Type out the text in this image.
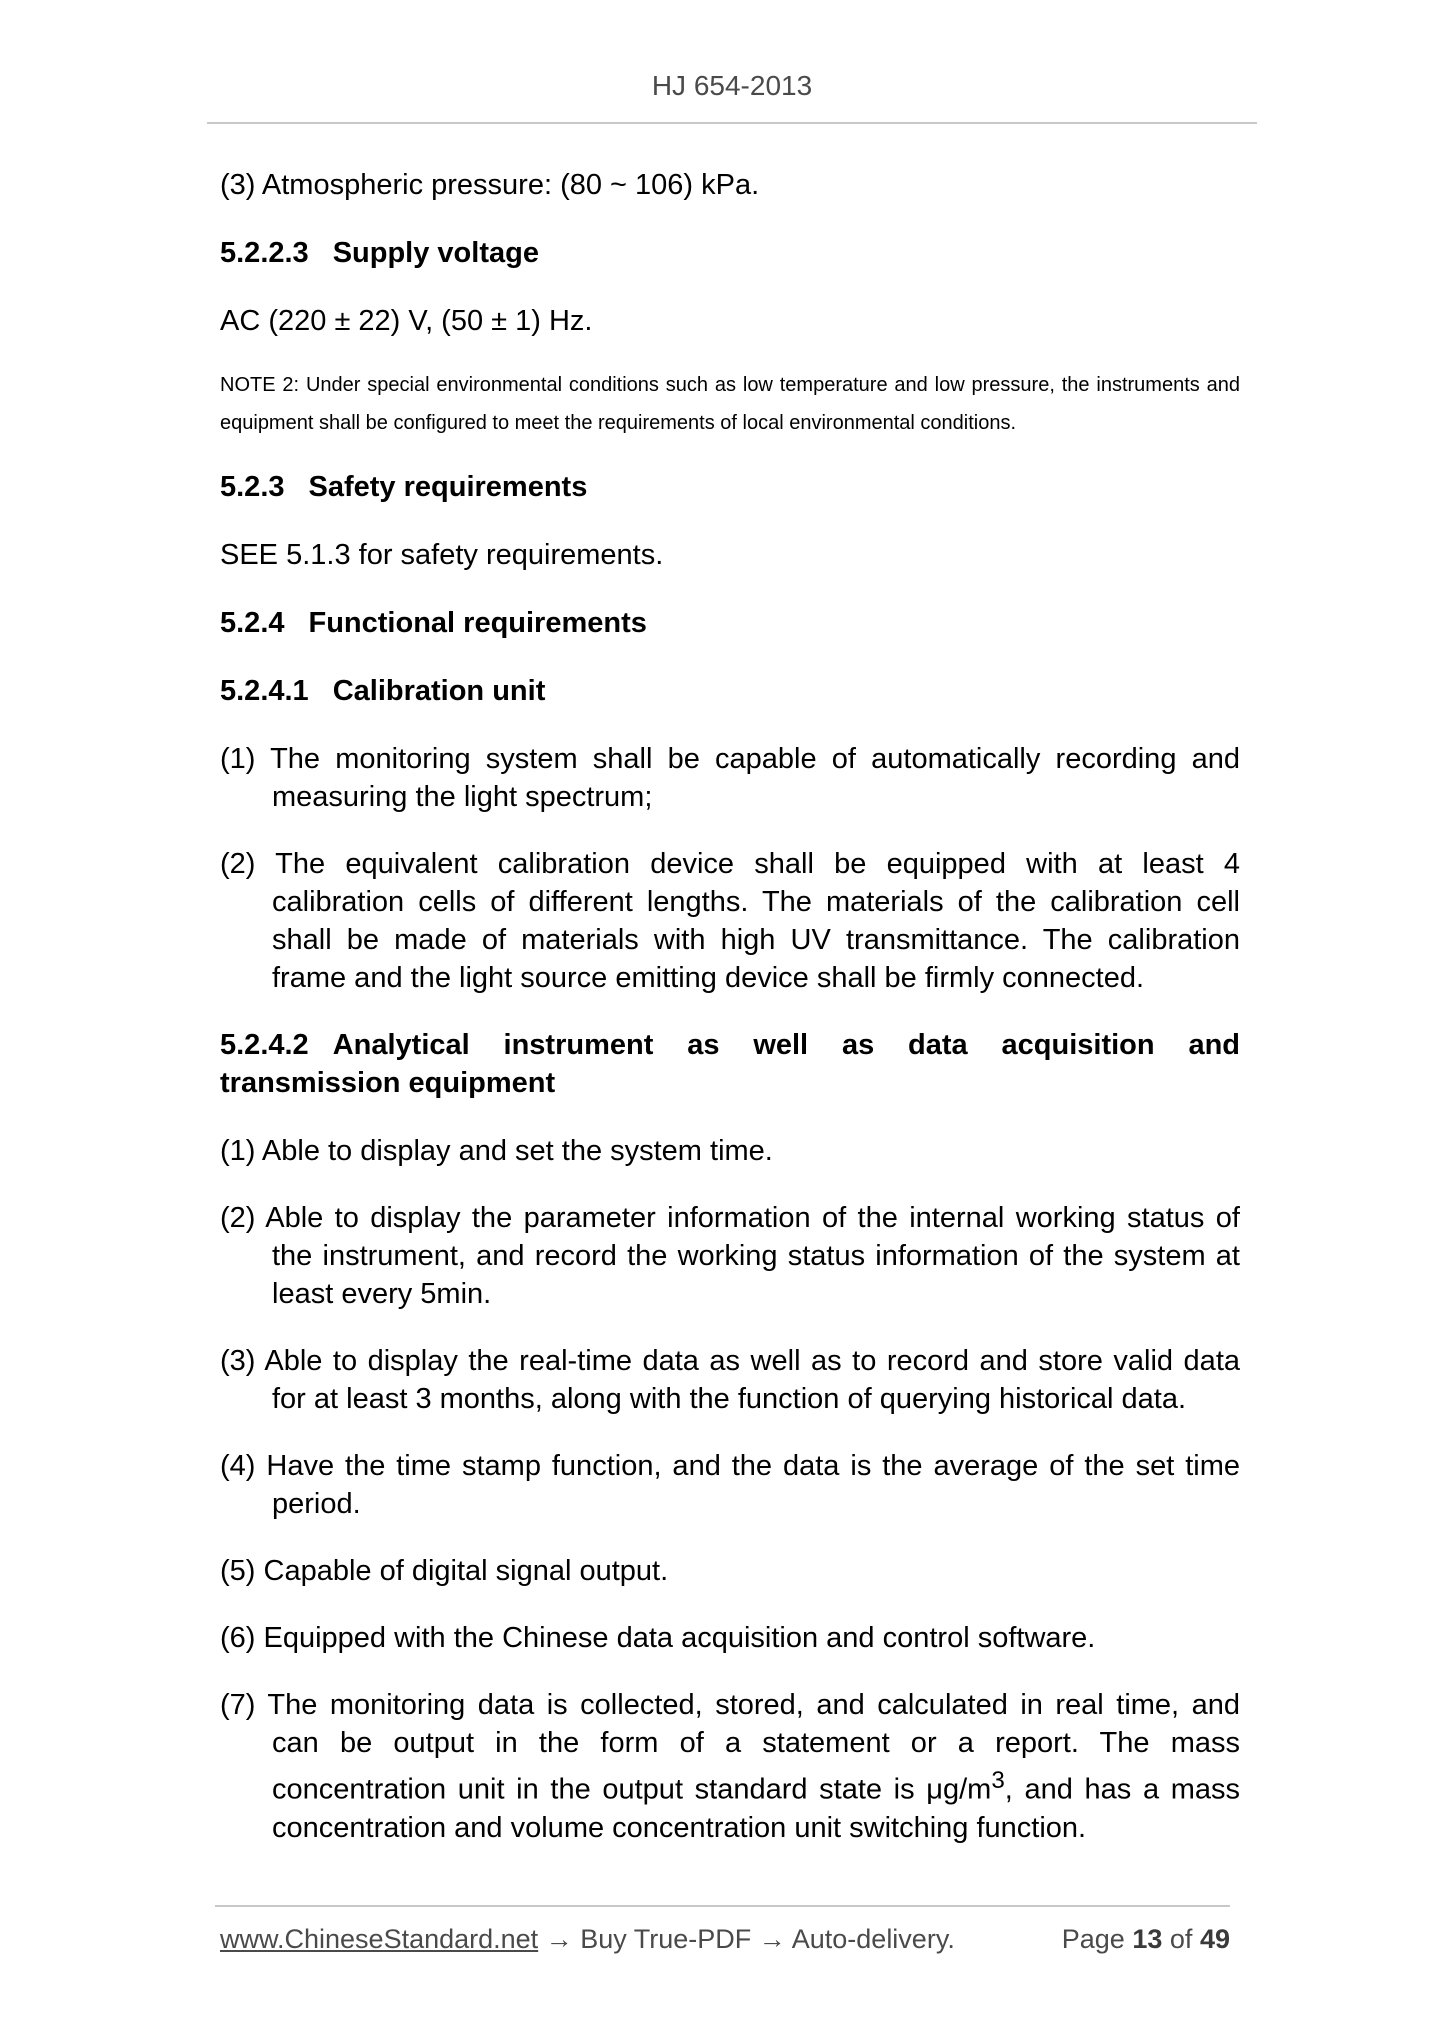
HJ 654-2013

(3) Atmospheric pressure: (80 ~ 106) kPa.

5.2.2.3 Supply voltage

AC (220 ± 22) V, (50 ± 1) Hz.

NOTE 2: Under special environmental conditions such as low temperature and low pressure, the instruments and equipment shall be configured to meet the requirements of local environmental conditions.

5.2.3 Safety requirements

SEE 5.1.3 for safety requirements.

5.2.4 Functional requirements
5.2.4.1 Calibration unit

(1) The monitoring system shall be capable of automatically recording and measuring the light spectrum;

(2) The equivalent calibration device shall be equipped with at least 4 calibration cells of different lengths. The materials of the calibration cell shall be made of materials with high UV transmittance. The calibration frame and the light source emitting device shall be firmly connected.

5.2.4.2 Analytical instrument as well as data acquisition and transmission equipment

(1) Able to display and set the system time.

(2) Able to display the parameter information of the internal working status of the instrument, and record the working status information of the system at least every 5min.

(3) Able to display the real-time data as well as to record and store valid data for at least 3 months, along with the function of querying historical data.

(4) Have the time stamp function, and the data is the average of the set time period.

(5) Capable of digital signal output.

(6) Equipped with the Chinese data acquisition and control software.

(7) The monitoring data is collected, stored, and calculated in real time, and can be output in the form of a statement or a report. The mass concentration unit in the output standard state is $\mu g/m^3$, and has a mass concentration and volume concentration unit switching function.

www.ChineseStandard.net → Buy True-PDF → Auto-delivery.	Page 13 of 49
